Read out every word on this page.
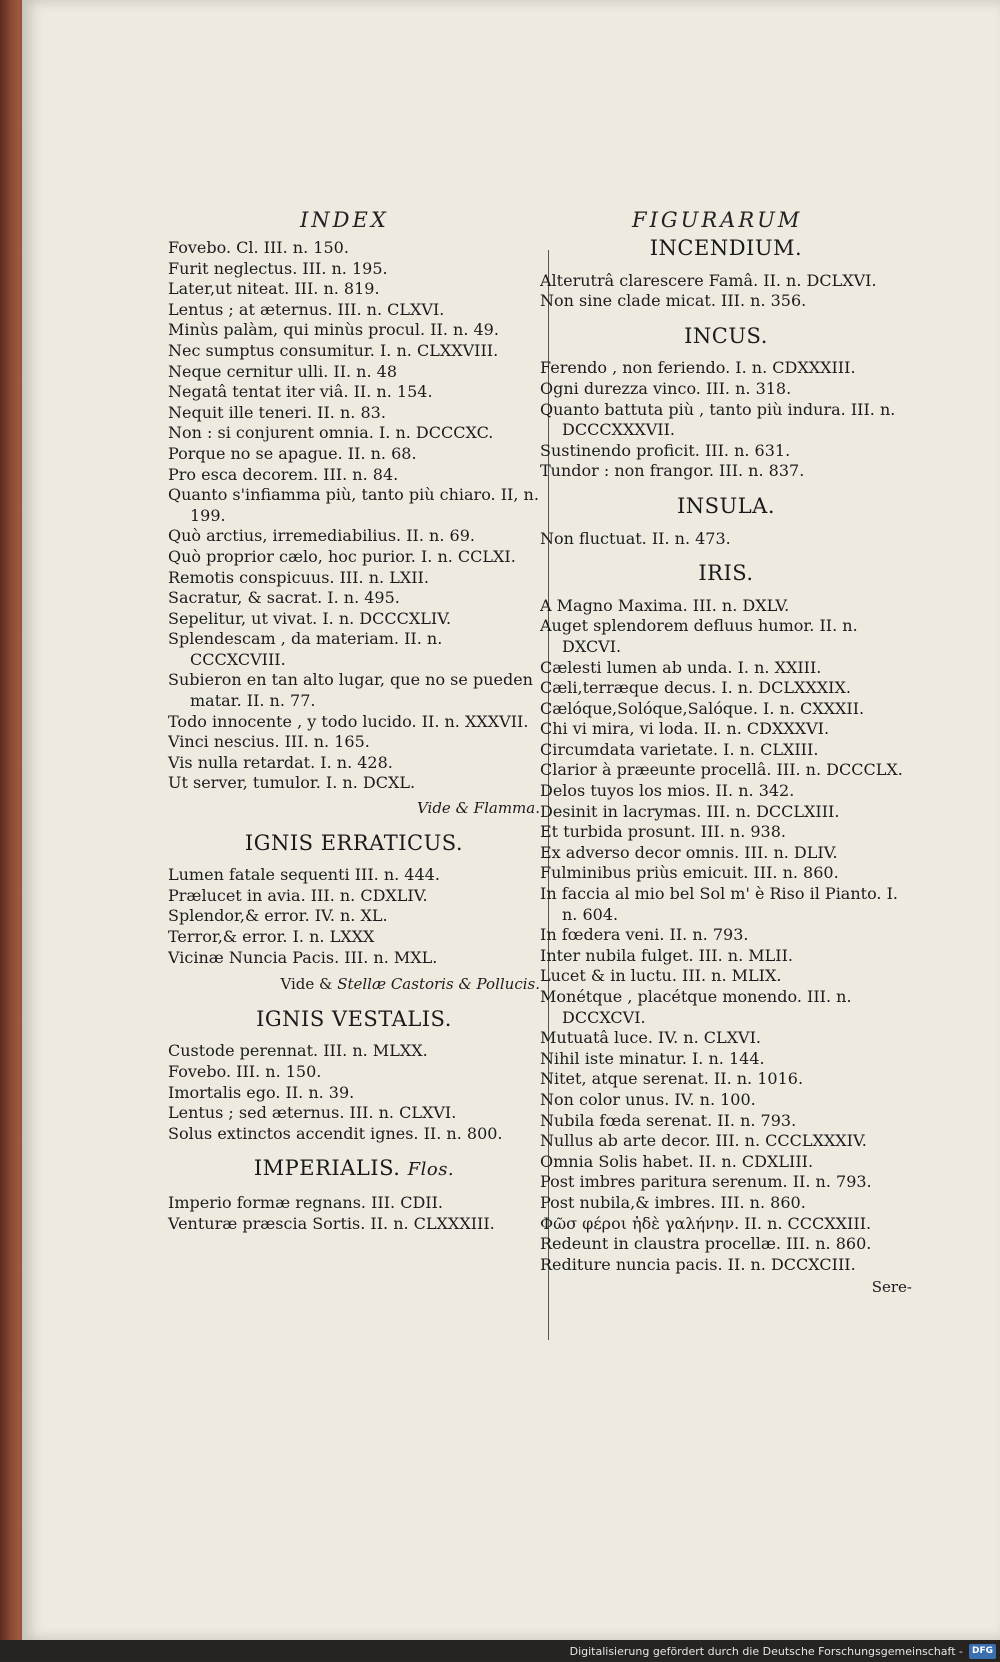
INDEX	FIGURARUM
Fovebo. Cl. III. n. 150.
Furit neglectus. III. n. 195.
Later,ut niteat. III. n. 819.
Lentus ; at æternus. III. n. CLXVI.
Minùs palàm, qui minùs procul. II. n. 49.
Nec sumptus consumitur. I. n. CLXXVIII.
Neque cernitur ulli. II. n. 48
Negatâ tentat iter viâ. II. n. 154.
Nequit ille teneri. II. n. 83.
Non : si conjurent omnia. I. n. DCCCXC.
Porque no se apague. II. n. 68.
Pro esca decorem. III. n. 84.
Quanto s'infiamma più, tanto più chiaro. II, n. 199.
Quò arctius, irremediabilius. II. n. 69.
Quò proprior cælo, hoc purior. I. n. CCLXI.
Remotis conspicuus. III. n. LXII.
Sacratur, & sacrat. I. n. 495.
Sepelitur, ut vivat. I. n. DCCCXLIV.
Splendescam , da materiam. II. n. CCCXCVIII.
Subieron en tan alto lugar, que no se pueden matar. II. n. 77.
Todo innocente , y todo lucido. II. n. XXXVII.
Vinci nescius. III. n. 165.
Vis nulla retardat. I. n. 428.
Ut server, tumulor. I. n. DCXL.
Vide & Flamma.
IGNIS ERRATICUS.
Lumen fatale sequenti III. n. 444.
Prælucet in avia. III. n. CDXLIV.
Splendor,& error. IV. n. XL.
Terror,& error. I. n. LXXX
Vicinæ Nuncia Pacis. III. n. MXL.
Vide & Stellæ Castoris & Pollucis.
IGNIS VESTALIS.
Custode perennat. III. n. MLXX.
Fovebo. III. n. 150.
Imortalis ego. II. n. 39.
Lentus ; sed æternus. III. n. CLXVI.
Solus extinctos accendit ignes. II. n. 800.
IMPERIALIS. Flos.
Imperio formæ regnans. III. CDII.
Venturæ præscia Sortis. II. n. CLXXXIII.
INCENDIUM.
Alterutrâ clarescere Famâ. II. n. DCLXVI.
Non sine clade micat. III. n. 356.
INCUS.
Ferendo , non feriendo. I. n. CDXXXIII.
Ogni durezza vinco. III. n. 318.
Quanto battuta più , tanto più indura. III. n. DCCCXXXVII.
Sustinendo proficit. III. n. 631.
Tundor : non frangor. III. n. 837.
INSULA.
Non fluctuat. II. n. 473.
IRIS.
A Magno Maxima. III. n. DXLV.
Auget splendorem defluus humor. II. n. DXCVI.
Cælesti lumen ab unda. I. n. XXIII.
Cæli,terræque decus. I. n. DCLXXXIX.
Cælóque,Solóque,Salóque. I. n. CXXXII.
Chi vi mira, vi loda. II. n. CDXXXVI.
Circumdata varietate. I. n. CLXIII.
Clarior à præeunte procellâ. III. n. DCCCLX.
Delos tuyos los mios. II. n. 342.
Desinit in lacrymas. III. n. DCCLXIII.
Et turbida prosunt. III. n. 938.
Ex adverso decor omnis. III. n. DLIV.
Fulminibus priùs emicuit. III. n. 860.
In faccia al mio bel Sol m' è Riso il Pianto. I. n. 604.
In fœdera veni. II. n. 793.
Inter nubila fulget. III. n. MLII.
Lucet & in luctu. III. n. MLIX.
Monétque , placétque monendo. III. n. DCCXCVI.
Mutuatâ luce. IV. n. CLXVI.
Nihil iste minatur. I. n. 144.
Nitet, atque serenat. II. n. 1016.
Non color unus. IV. n. 100.
Nubila fœda serenat. II. n. 793.
Nullus ab arte decor. III. n. CCCLXXXIV.
Omnia Solis habet. II. n. CDXLIII.
Post imbres paritura serenum. II. n. 793.
Post nubila,& imbres. III. n. 860.
Φῶσ φέροι ἠδὲ γαλήνην. II. n. CCCXXIII.
Redeunt in claustra procellæ. III. n. 860.
Rediture nuncia pacis. II. n. DCCXCIII.
Sere-
Digitalisierung gefördert durch die Deutsche Forschungsgemeinschaft - DFG
